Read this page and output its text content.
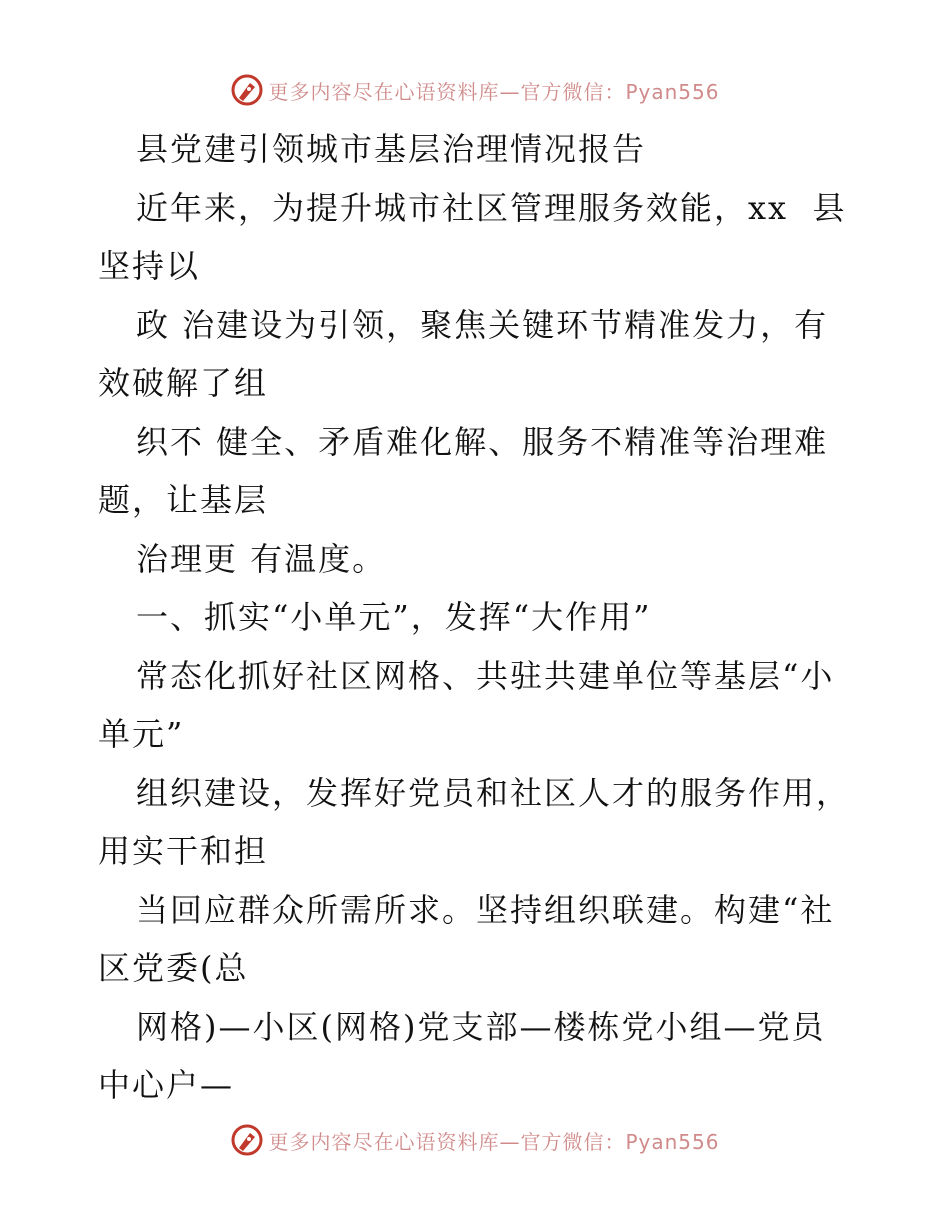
更多内容尽在心语资料库—官方微信：Pyan556
县党建引领城市基层治理情况报告
近年来，为提升城市社区管理服务效能，xx  县
坚持以
政 治建设为引领，聚焦关键环节精准发力，有
效破解了组
织不 健全、矛盾难化解、服务不精准等治理难
题，让基层
治理更 有温度。
一、抓实“小单元”，发挥“大作用”
常态化抓好社区网格、共驻共建单位等基层“小
单元”
组织建设，发挥好党员和社区人才的服务作用，
用实干和担
当回应群众所需所求。坚持组织联建。构建“社
区党委(总
网格)—小区(网格)党支部—楼栋党小组—党员
中心户—
更多内容尽在心语资料库—官方微信：Pyan556
